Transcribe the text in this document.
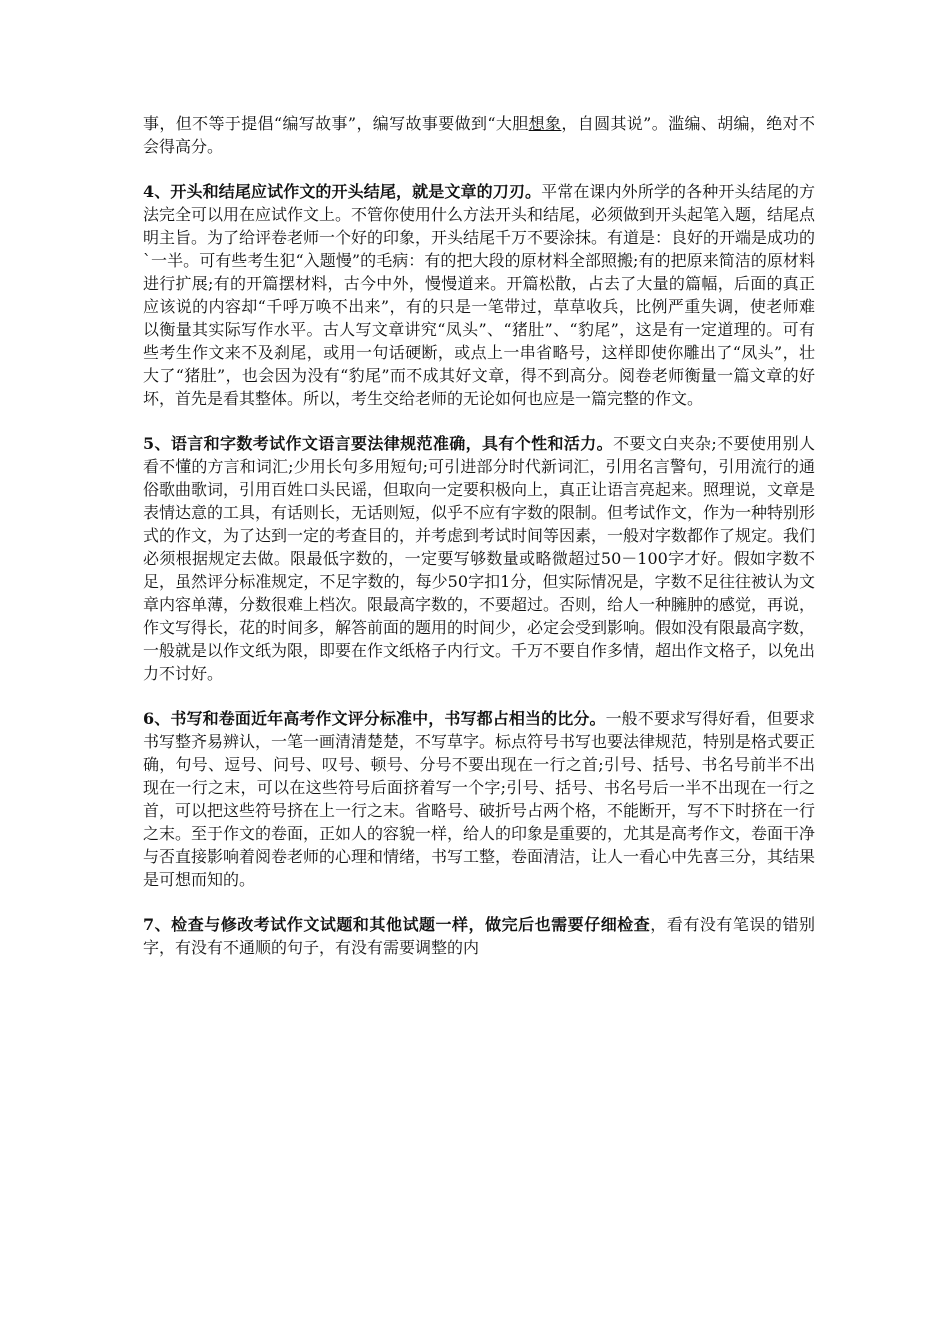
事，但不等于提倡“编写故事”，编写故事要做到“大胆想象，自圆其说”。滥编、胡编，绝对不会得高分。

4、开头和结尾应试作文的开头结尾，就是文章的刀刃。平常在课内外所学的各种开头结尾的方法完全可以用在应试作文上。不管你使用什么方法开头和结尾，必须做到开头起笔入题，结尾点明主旨。为了给评卷老师一个好的印象，开头结尾千万不要涂抹。有道是：良好的开端是成功的`一半。可有些考生犯“入题慢”的毛病：有的把大段的原材料全部照搬;有的把原来简洁的原材料进行扩展;有的开篇摆材料，古今中外，慢慢道来。开篇松散，占去了大量的篇幅，后面的真正应该说的内容却“千呼万唤不出来”，有的只是一笔带过，草草收兵，比例严重失调，使老师难以衡量其实际写作水平。古人写文章讲究“凤头”、“猪肚”、“豹尾”，这是有一定道理的。可有些考生作文来不及刹尾，或用一句话硬断，或点上一串省略号，这样即使你雕出了“凤头”，壮大了“猪肚”，也会因为没有“豹尾”而不成其好文章，得不到高分。阅卷老师衡量一篇文章的好坏，首先是看其整体。所以，考生交给老师的无论如何也应是一篇完整的作文。

5、语言和字数考试作文语言要法律规范准确，具有个性和活力。不要文白夹杂;不要使用别人看不懂的方言和词汇;少用长句多用短句;可引进部分时代新词汇，引用名言警句，引用流行的通俗歌曲歌词，引用百姓口头民谣，但取向一定要积极向上，真正让语言亮起来。照理说，文章是表情达意的工具，有话则长，无话则短，似乎不应有字数的限制。但考试作文，作为一种特别形式的作文，为了达到一定的考查目的，并考虑到考试时间等因素，一般对字数都作了规定。我们必须根据规定去做。限最低字数的，一定要写够数量或略微超过50－100字才好。假如字数不足，虽然评分标准规定，不足字数的，每少50字扣1分，但实际情况是，字数不足往往被认为文章内容单薄，分数很难上档次。限最高字数的，不要超过。否则，给人一种臃肿的感觉，再说，作文写得长，花的时间多，解答前面的题用的时间少，必定会受到影响。假如没有限最高字数，一般就是以作文纸为限，即要在作文纸格子内行文。千万不要自作多情，超出作文格子，以免出力不讨好。

6、书写和卷面近年高考作文评分标准中，书写都占相当的比分。一般不要求写得好看，但要求书写整齐易辨认，一笔一画清清楚楚，不写草字。标点符号书写也要法律规范，特别是格式要正确，句号、逗号、问号、叹号、顿号、分号不要出现在一行之首;引号、括号、书名号前半不出现在一行之末，可以在这些符号后面挤着写一个字;引号、括号、书名号后一半不出现在一行之首，可以把这些符号挤在上一行之末。省略号、破折号占两个格，不能断开，写不下时挤在一行之末。至于作文的卷面，正如人的容貌一样，给人的印象是重要的，尤其是高考作文，卷面干净与否直接影响着阅卷老师的心理和情绪，书写工整，卷面清洁，让人一看心中先喜三分，其结果是可想而知的。

7、检查与修改考试作文试题和其他试题一样，做完后也需要仔细检查，看有没有笔误的错别字，有没有不通顺的句子，有没有需要调整的内
